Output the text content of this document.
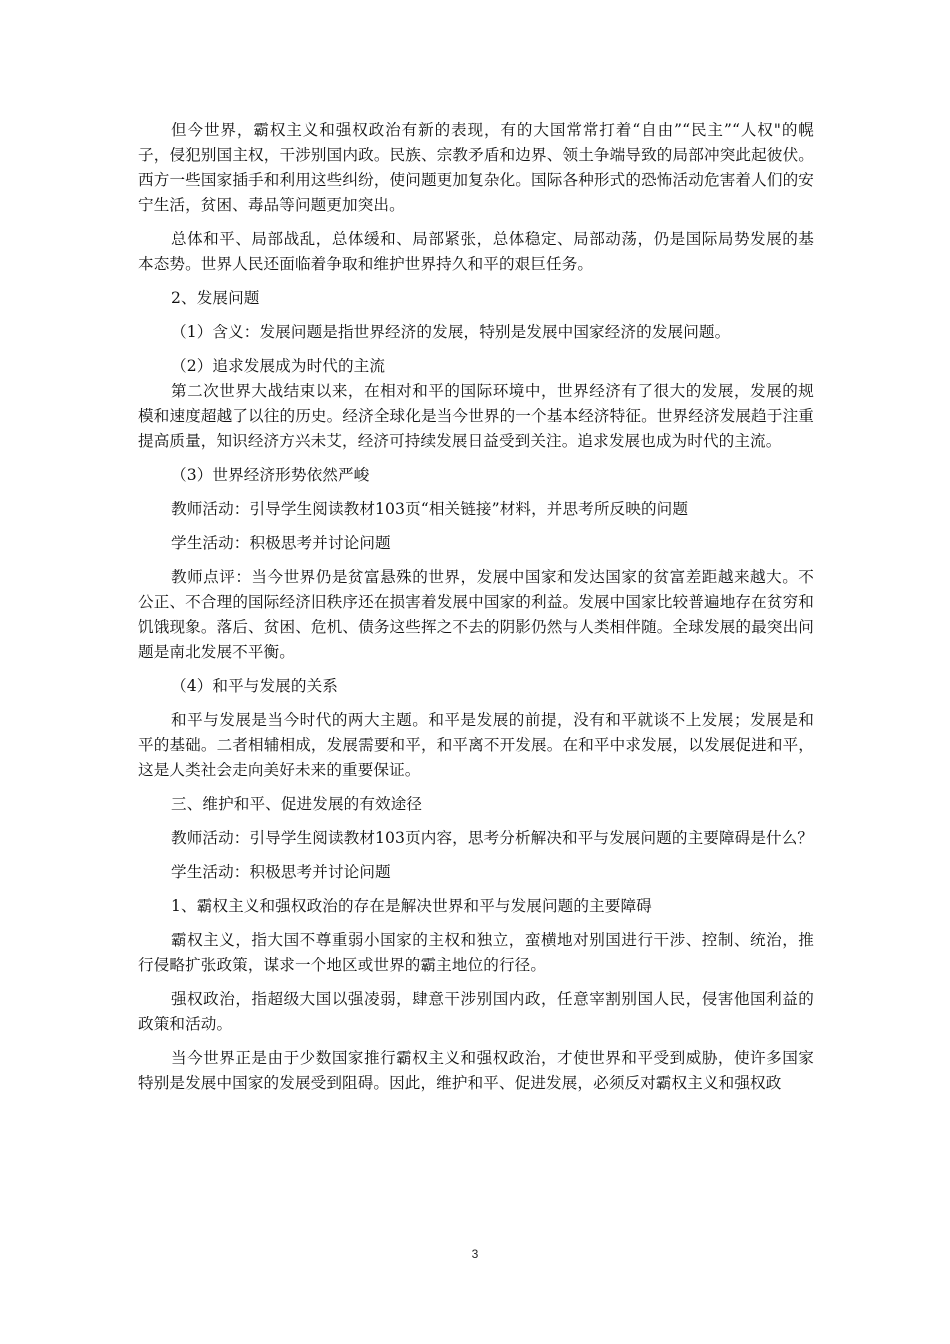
但今世界，霸权主义和强权政治有新的表现，有的大国常常打着“自由”“民主”“人权"的幌子，侵犯别国主权，干涉别国内政。民族、宗教矛盾和边界、领土争端导致的局部冲突此起彼伏。西方一些国家插手和利用这些纠纷，使问题更加复杂化。国际各种形式的恐怖活动危害着人们的安宁生活，贫困、毒品等问题更加突出。

总体和平、局部战乱，总体缓和、局部紧张，总体稳定、局部动荡，仍是国际局势发展的基本态势。世界人民还面临着争取和维护世界持久和平的艰巨任务。

2、发展问题

（1）含义：发展问题是指世界经济的发展，特别是发展中国家经济的发展问题。

（2）追求发展成为时代的主流

第二次世界大战结束以来，在相对和平的国际环境中，世界经济有了很大的发展，发展的规模和速度超越了以往的历史。经济全球化是当今世界的一个基本经济特征。世界经济发展趋于注重提高质量，知识经济方兴未艾，经济可持续发展日益受到关注。追求发展也成为时代的主流。

（3）世界经济形势依然严峻

教师活动：引导学生阅读教材103页“相关链接”材料，并思考所反映的问题

学生活动：积极思考并讨论问题

教师点评：当今世界仍是贫富悬殊的世界，发展中国家和发达国家的贫富差距越来越大。不公正、不合理的国际经济旧秩序还在损害着发展中国家的利益。发展中国家比较普遍地存在贫穷和饥饿现象。落后、贫困、危机、债务这些挥之不去的阴影仍然与人类相伴随。全球发展的最突出问题是南北发展不平衡。

（4）和平与发展的关系

和平与发展是当今时代的两大主题。和平是发展的前提，没有和平就谈不上发展；发展是和平的基础。二者相辅相成，发展需要和平，和平离不开发展。在和平中求发展，以发展促进和平，这是人类社会走向美好未来的重要保证。

三、维护和平、促进发展的有效途径

教师活动：引导学生阅读教材103页内容，思考分析解决和平与发展问题的主要障碍是什么？

学生活动：积极思考并讨论问题

1、霸权主义和强权政治的存在是解决世界和平与发展问题的主要障碍

霸权主义，指大国不尊重弱小国家的主权和独立，蛮横地对别国进行干涉、控制、统治，推行侵略扩张政策，谋求一个地区或世界的霸主地位的行径。

强权政治，指超级大国以强凌弱，肆意干涉别国内政，任意宰割别国人民，侵害他国利益的政策和活动。

当今世界正是由于少数国家推行霸权主义和强权政治，才使世界和平受到威胁，使许多国家特别是发展中国家的发展受到阻碍。因此，维护和平、促进发展，必须反对霸权主义和强权政

3
